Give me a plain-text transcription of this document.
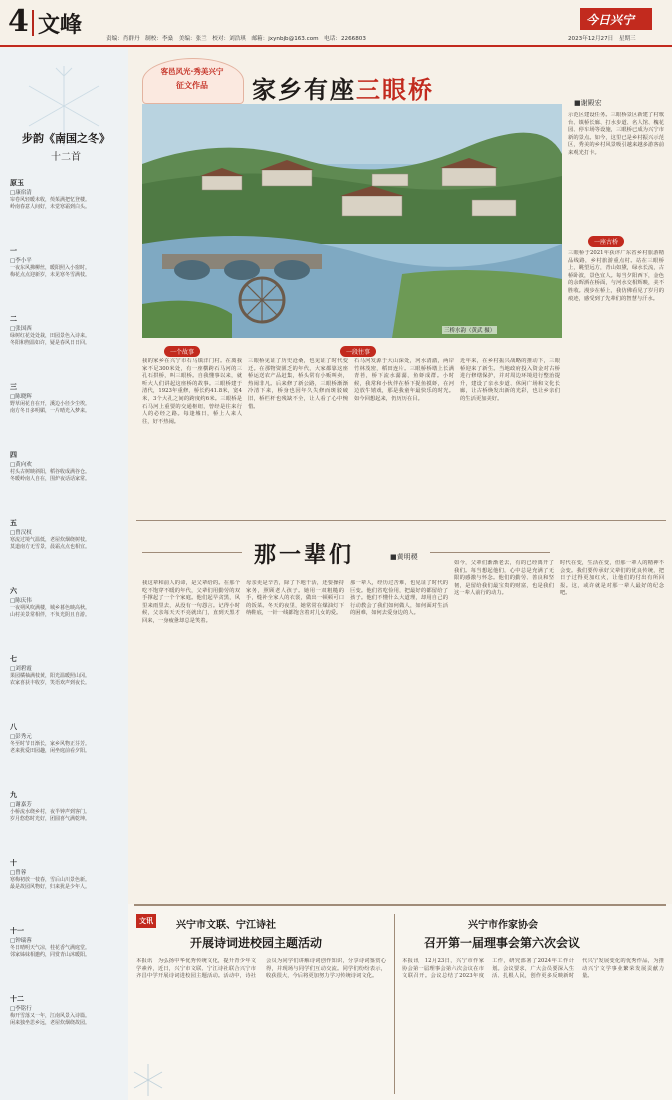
4 文峰
责编：肖群丹　制校：李燊　美编：张兰　校对：刘浩琪　邮箱：jxynbjb@163.com　电话：2266803
今日兴宁
2023年12月27日　星期三
步韵《南国之冬》
十二首
原玉
□康宿清
帘卷风轻暖未收，萸茱满把忆登楼。
岭南春意人间好，未觉寒霜到白头。
一
□李小平
一夜东风拂柳丝，暖阳照入小窗时。
梅花点点迎新岁，未见寒冬雪满枝。
二
□张国西
绿树红花处处栽，田园景色入诗来。
冬阳和煦温如许，疑是春风日日回。
三
□陈晓辉
野草闲花自在开，溪边小径少尘埃。
南方冬日多明媚，一片晴光入梦来。
四
□黄向欢
村头古树映斜阳，稻谷收成满谷仓。
冬暖岭南人自在，围炉夜话话家常。
五
□曾汉权
寒流过境气温低，老屋炊烟绕树枝。
莫道南方无雪景，晨霜点点也相宜。
六
□陈庆伟
一夜朔风吹满楼，城乡暮色映高秋。
山村美景常相伴，不负光阴且自游。
七
□刘碧霞
果园橘柚满枝黄，阳光温暖照山冈。
农家喜获丰收岁，笑语欢声到夜长。
八
□彭秀元
冬至时节日渐长，家乡风物正芬芳。
老来犹爱田园趣，闲坐庭前看夕阳。
九
□谢嘉芳
小桥流水绕乡村，夜半钟声到客门。
岁月悠悠时光好，团圆喜气满乾坤。
十
□曾蓉
寒梅初放一枝春，雪后山川景色新。
最是故园风物好，归来犹是少年人。
十一
□钟瑞蓉
冬日晴明天气凉，桂花香气满庭堂。
邻家姊妹相邀约，同赏青山沐暖阳。
十二
□李铭行
梅开雪落又一年，江南风景入诗篇。
闲来独坐思乡远，老屋炊烟绕故园。
客邑风光·秀美兴宁
征文作品	家乡有座三眼桥	■谢殿宏
三桥水韵（黄武 摄）
示范区建设任务。三眼桥景区新建了村歌台、镇桥长廊、打水步道、名人馆、槐花园、停车场等设施，三眼桥已成为兴宁市新的景点。如今，这里已是乡村振兴示范区，秀美的乡村风景吸引越来越多游客前来观光打卡。
一座古桥
三眼桥于2021年获评广东省乡村旅游精品线路，乡村旅游重点村。站在三眼桥上，眺望远方，青山如黛，绿水长流，古桥卧波，景色宜人。每当夕阳西下，金色的余晖洒在桥面，与河水交相辉映，美不胜收。漫步在桥上，我仿佛看见了岁月的痕迹，感受到了先辈们的智慧与汗水。
一个故事	一段往事
我的家乡在兴宁市石马镇洋门村。在离我家不足300米处，有一座横跨石马河的三孔石拱桥，叫三眼桥。自我懂事以来，就听大人们讲起这座桥的故事。三眼桥建于清代，1923年重修，桥长约41.8米，宽4米，3个大孔之间的跨度约6米。三眼桥是石马河上重要的交通枢纽，曾经是往来行人的必经之路。每逢墟日，桥上人来人往，好不热闹。
三眼桥见证了历史沧桑，也见证了时代变迁。在那物资匮乏的年代，大家都靠这座桥运送农产品赶集，桥头常有小贩叫卖，热闹非凡。后来修了新公路，三眼桥渐渐冷清下来，桥身也因年久失修而斑驳破旧，桥栏杆也残缺不全，让人看了心中惋惜。
石马河发源于大山深处，河水清澈，两岸竹林茂密，稻田连片。三眼桥桥墩上长满青苔，桥下流水潺潺，鱼虾成群。小时候，我常和小伙伴在桥下捉鱼摸虾，在河边放牛嬉戏，那是我童年最快乐的时光。如今回想起来，仍历历在目。
近年来，在乡村振兴战略的推动下，三眼桥迎来了新生。当地政府投入资金对古桥进行修缮保护，并对周边环境进行整治提升，建设了亲水步道、休闲广场和文化长廊，让古桥焕发出新的光彩，也让乡亲们的生活更加美好。
那一辈们	■黄明稷
我这辈和前人的命，是父辈给的。在那个吃不饱穿不暖的年代，父辈们用勤劳的双手撑起了一个个家庭。他们起早贪黑，风里来雨里去，从没有一句怨言。记得小时候，父亲每天天不亮就出门，直到天黑才回来，一身疲惫却总是笑着。
母亲更是辛苦，除了下地干活，还要操持家务，照顾老人孩子。她用一双粗糙的手，缝补全家人的衣裳，做出一顿顿可口的饭菜。冬天的夜里，她常常在煤油灯下纳鞋底，一针一线都饱含着对儿女的爱。
那一辈人，经历过苦难，也见证了时代的巨变。他们省吃俭用，把最好的都留给了孩子。他们不懂什么大道理，却用自己的行动教会了我们如何做人，如何面对生活的困难，如何去爱身边的人。
如今，父辈们渐渐老去，有的已经离开了我们。每当想起他们，心中总是充满了无限的感激与怀念。他们的勤劳、善良和坚韧，是留给我们最宝贵的财富，也是我们这一辈人前行的动力。
时代在变，生活在变，但那一辈人的精神不会变。我们要传承好父辈们的优良传统，把日子过得更加红火，让他们的付出有所回报。这，或许就是对那一辈人最好的纪念吧。
文讯	兴宁市文联、宁江诗社
开展诗词进校园主题活动
本报讯　为弘扬中华优秀传统文化，提升青少年文学素养，近日，兴宁市文联、宁江诗社联合兴宁市齐昌中学开展诗词进校园主题活动。活动中，诗社会员为同学们讲解诗词创作知识，分享诗词鉴赏心得，并现场与同学们互动交流。同学们纷纷表示，收获很大，今后将更加努力学习传统诗词文化。
兴宁市作家协会
召开第一届理事会第六次会议
本报讯　12月23日，兴宁市作家协会第一届理事会第六次会议在市文联召开。会议总结了2023年度工作，研究部署了2024年工作计划。会议要求，广大会员要深入生活、扎根人民，创作更多反映新时代兴宁发展变化的优秀作品，为推动兴宁文学事业繁荣发展贡献力量。
